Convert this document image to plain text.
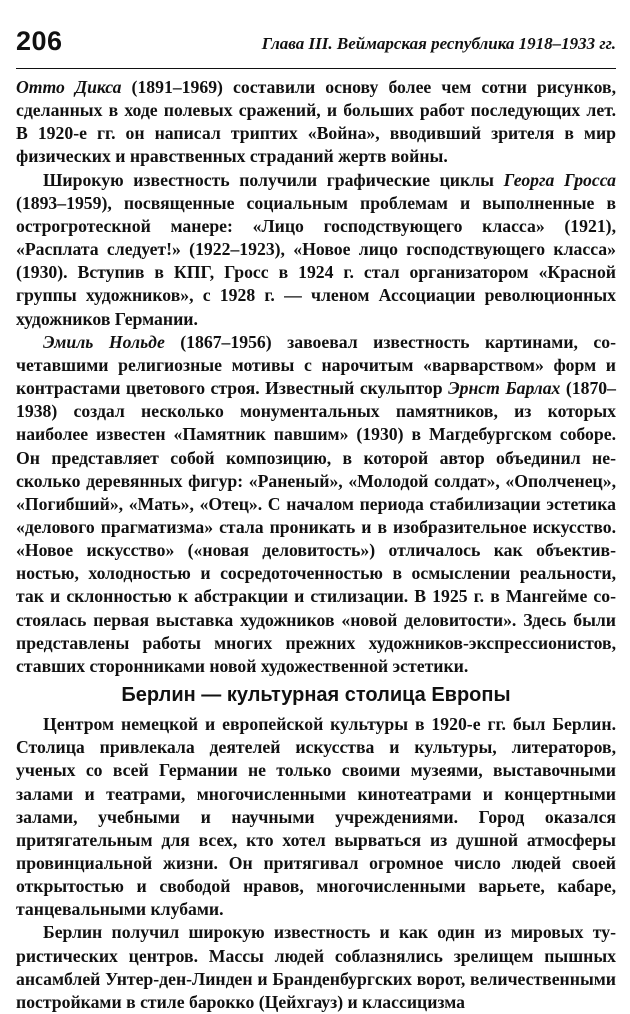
206	Глава III. Веймарская республика 1918–1933 гг.

Отто Дикса (1891–1969) составили основу более чем сотни рисунков, сделанных в ходе полевых сражений, и больших работ последующих лет. В 1920-е гг. он написал триптих «Война», вводивший зрителя в мир физических и нравственных страданий жертв войны.

Широкую известность получили графические циклы Георга Гросса (1893–1959), посвященные социальным проблемам и выполненные в острогротескной манере: «Лицо господствующего класса» (1921), «Расплата следует!» (1922–1923), «Новое лицо господствующего класса» (1930). Вступив в КПГ, Гросс в 1924 г. стал организатором «Красной группы художников», с 1928 г. — членом Ассоциации революционных художников Германии.

Эмиль Нольде (1867–1956) завоевал известность картинами, сочетавшими религиозные мотивы с нарочитым «варварством» форм и контрастами цветового строя. Известный скульптор Эрнст Барлах (1870–1938) создал несколько монументальных памятников, из которых наиболее известен «Памятник павшим» (1930) в Магдебургском соборе. Он представляет собой композицию, в которой автор объединил несколько деревянных фигур: «Раненый», «Молодой солдат», «Ополченец», «Погибший», «Мать», «Отец». С началом периода стабилизации эстетика «делового прагматизма» стала проникать и в изобразительное искусство. «Новое искусство» («новая деловитость») отличалось как объективностью, холодностью и сосредоточенностью в осмыслении реальности, так и склонностью к абстракции и стилизации. В 1925 г. в Мангейме состоялась первая выставка художников «новой деловитости». Здесь были представлены работы многих прежних художников-экспрессионистов, ставших сторонниками новой художественной эстетики.

Берлин — культурная столица Европы

Центром немецкой и европейской культуры в 1920-е гг. был Берлин. Столица привлекала деятелей искусства и культуры, литераторов, ученых со всей Германии не только своими музеями, выставочными залами и театрами, многочисленными кинотеатрами и концертными залами, учебными и научными учреждениями. Город оказался притягательным для всех, кто хотел вырваться из душной атмосферы провинциальной жизни. Он притягивал огромное число людей своей открытостью и свободой нравов, многочисленными варьете, кабаре, танцевальными клубами.

Берлин получил широкую известность и как один из мировых туристических центров. Массы людей соблазнялись зрелищем пышных ансамблей Унтер-ден-Линден и Бранденбургских ворот, величественными постройками в стиле барокко (Цейхгауз) и классицизма
